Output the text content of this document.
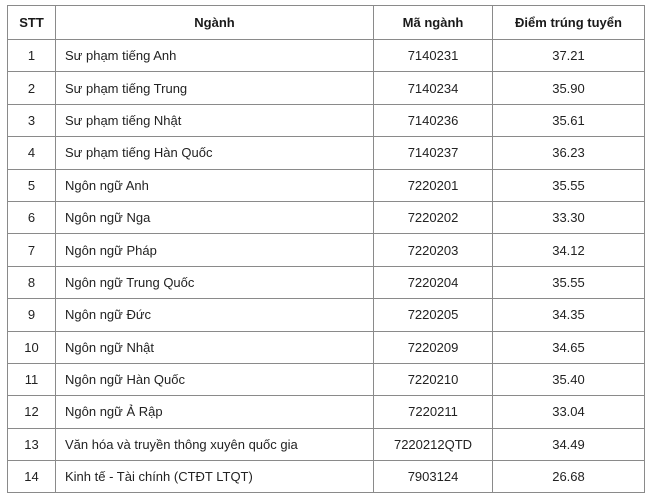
STT	Ngành	Mã ngành	Điểm trúng tuyển
1	Sư phạm tiếng Anh	7140231	37.21
2	Sư phạm tiếng Trung	7140234	35.90
3	Sư phạm tiếng Nhật	7140236	35.61
4	Sư phạm tiếng Hàn Quốc	7140237	36.23
5	Ngôn ngữ Anh	7220201	35.55
6	Ngôn ngữ Nga	7220202	33.30
7	Ngôn ngữ Pháp	7220203	34.12
8	Ngôn ngữ Trung Quốc	7220204	35.55
9	Ngôn ngữ Đức	7220205	34.35
10	Ngôn ngữ Nhật	7220209	34.65
11	Ngôn ngữ Hàn Quốc	7220210	35.40
12	Ngôn ngữ Ả Rập	7220211	33.04
13	Văn hóa và truyền thông xuyên quốc gia	7220212QTD	34.49
14	Kinh tế - Tài chính (CTĐT LTQT)	7903124	26.68
